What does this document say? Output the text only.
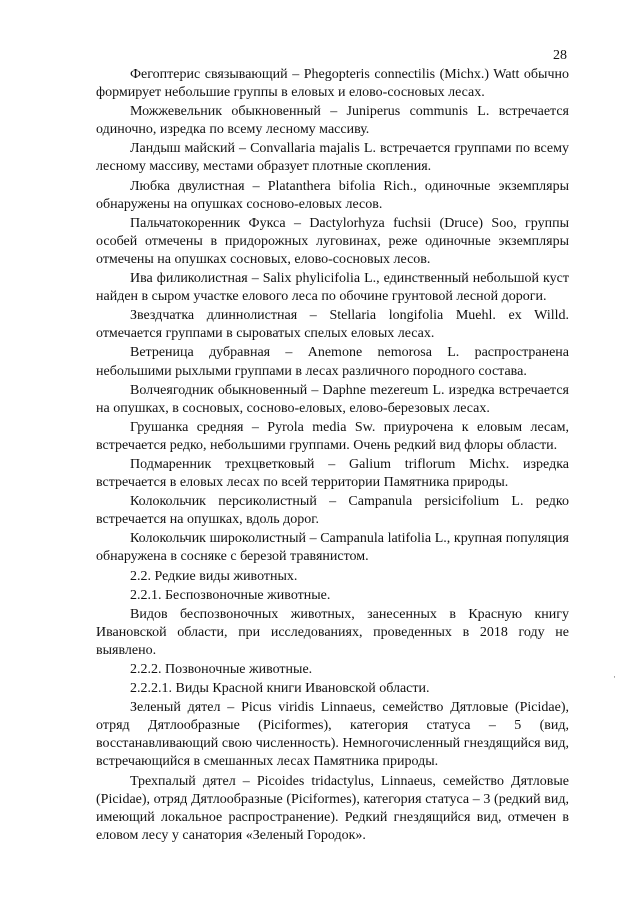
28

Фегоптерис связывающий – Phegopteris connectilis (Michx.) Watt обычно формирует небольшие группы в еловых и елово-сосновых лесах.

Можжевельник обыкновенный – Juniperus communis L. встречается одиночно, изредка по всему лесному массиву.

Ландыш майский – Convallaria majalis L. встречается группами по всему лесному массиву, местами образует плотные скопления.

Любка двулистная – Platanthera bifolia Rich., одиночные экземпляры обнаружены на опушках сосново-еловых лесов.

Пальчатокоренник Фукса – Dactylorhyza fuchsii (Druce) Soo, группы особей отмечены в придорожных луговинах, реже одиночные экземпляры отмечены на опушках сосновых, елово-сосновых лесов.

Ива филиколистная – Salix phylicifolia L., единственный небольшой куст найден в сыром участке елового леса по обочине грунтовой лесной дороги.

Звездчатка длиннолистная – Stellaria longifolia Muehl. ex Willd. отмечается группами в сыроватых спелых еловых лесах.

Ветреница дубравная – Anemone nemorosa L. распространена небольшими рыхлыми группами в лесах различного породного состава.

Волчеягодник обыкновенный – Daphne mezereum L. изредка встречается на опушках, в сосновых, сосново-еловых, елово-березовых лесах.

Грушанка средняя – Pyrola media Sw. приурочена к еловым лесам, встречается редко, небольшими группами. Очень редкий вид флоры области.

Подмаренник трехцветковый – Galium triflorum Michx. изредка встречается в еловых лесах по всей территории Памятника природы.

Колокольчик персиколистный – Campanula persicifolium L. редко встречается на опушках, вдоль дорог.

Колокольчик широколистный – Campanula latifolia L., крупная популяция обнаружена в сосняке с березой травянистом.

2.2. Редкие виды животных.

2.2.1. Беспозвоночные животные.

Видов беспозвоночных животных, занесенных в Красную книгу Ивановской области, при исследованиях, проведенных в 2018 году не выявлено.

2.2.2. Позвоночные животные.

2.2.2.1. Виды Красной книги Ивановской области.

Зеленый дятел – Picus viridis Linnaeus, семейство Дятловые (Picidae), отряд Дятлообразные (Piciformes), категория статуса – 5 (вид, восстанавливающий свою численность). Немногочисленный гнездящийся вид, встречающийся в смешанных лесах Памятника природы.

Трехпалый дятел – Picoides tridactylus, Linnaeus, семейство Дятловые (Picidae), отряд Дятлообразные (Piciformes), категория статуса – 3 (редкий вид, имеющий локальное распространение). Редкий гнездящийся вид, отмечен в еловом лесу у санатория «Зеленый Городок».

·
